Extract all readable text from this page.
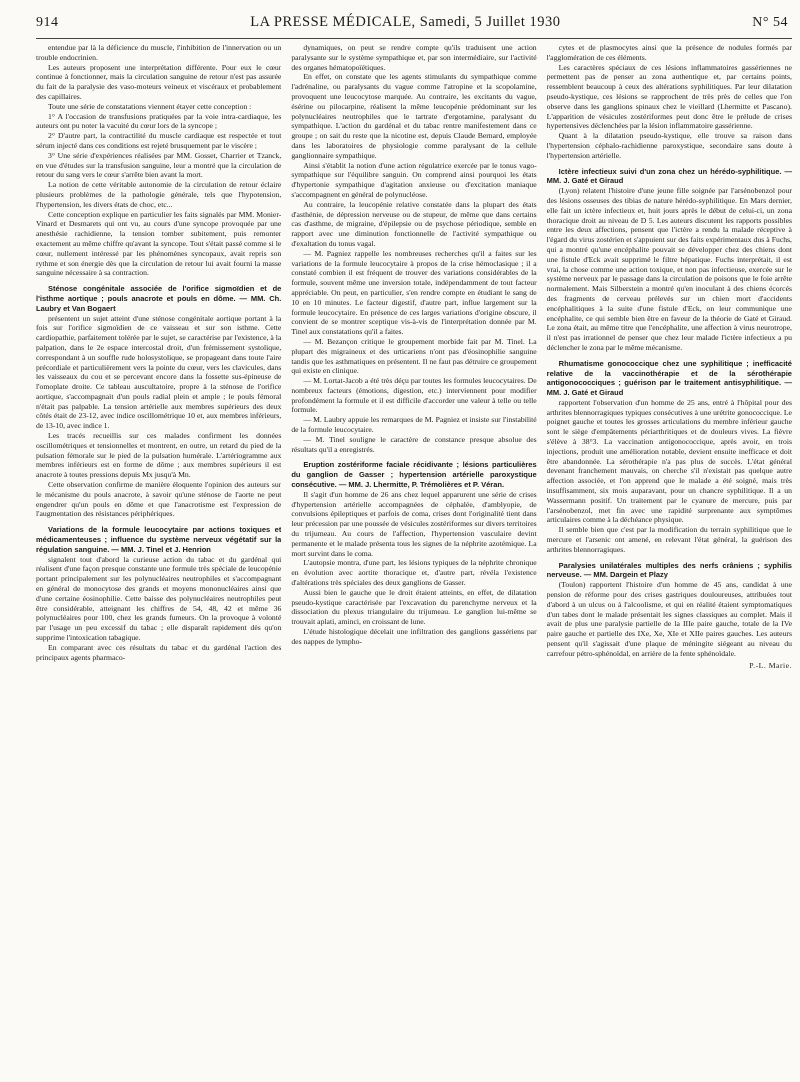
914	LA PRESSE MÉDICALE, Samedi, 5 Juillet 1930	N° 54

entendue par là la déficience du muscle, l'inhibition de l'innervation ou un trouble endocrinien.

Les auteurs proposent une interprétation différente. Pour eux le cœur continue à fonctionner, mais la circulation sanguine de retour n'est pas assurée du fait de la paralysie des vaso-moteurs veineux et viscéraux et probablement des capillaires.

Toute une série de constatations viennent étayer cette conception :

1° A l'occasion de transfusions pratiquées par la voie intra-cardiaque, les auteurs ont pu noter la vacuité du cœur lors de la syncope ;

2° D'autre part, la contractilité du muscle cardiaque est respectée et tout sérum injecté dans ces conditions est rejeté brusquement par le viscère ;

3° Une série d'expériences réalisées par MM. Gosset, Charrier et Tzanck, en vue d'études sur la transfusion sanguine, leur a montré que la circulation de retour du sang vers le cœur s'arrête bien avant la mort.

La notion de cette véritable autonomie de la circulation de retour éclaire plusieurs problèmes de la pathologie générale, tels que l'hypotension, l'hypertension, les divers états de choc, etc...

Cette conception explique en particulier les faits signalés par MM. Monier-Vinard et Desmarets qui ont vu, au cours d'une syncope provoquée par une anesthésie rachidienne, la tension tomber subitement, puis remonter exactement au même chiffre qu'avant la syncope. Tout s'était passé comme si le cœur, nullement intéressé par les phénomènes syncopaux, avait repris son rythme et son énergie dès que la circulation de retour lui avait fourni la masse sanguine nécessaire à sa contraction.

Sténose congénitale associée de l'orifice sigmoïdien et de l'isthme aortique ; pouls anacrote et pouls en dôme. — MM. Ch. Laubry et Van Bogaert

présentent un sujet atteint d'une sténose congénitale aortique portant à la fois sur l'orifice sigmoïdien de ce vaisseau et sur son isthme. Cette cardiopathie, parfaitement tolérée par le sujet, se caractérise par l'existence, à la palpation, dans le 2e espace intercostal droit, d'un frémissement systolique, correspondant à un souffle rude holosystolique, se propageant dans toute l'aire précordiale et particulièrement vers la pointe du cœur, vers les clavicules, dans les vaisseaux du cou et se percevant encore dans la fossette sus-épineuse de l'omoplate droite. Ce tableau auscultatoire, propre à la sténose de l'orifice aortique, s'accompagnait d'un pouls radial plein et ample ; le pouls fémoral n'était pas palpable. La tension artérielle aux membres supérieurs des deux côtés était de 23-12, avec indice oscillométrique 10 et, aux membres inférieurs, de 13-10, avec indice 1.

Les tracés recueillis sur ces malades confirment les données oscillométriques et tensionnelles et montrent, en outre, un retard du pied de la pulsation fémorale sur le pied de la pulsation humérale. L'artériogramme aux membres inférieurs est en forme de dôme ; aux membres supérieurs il est anacrote à toutes pressions depuis Mx jusqu'à Mn.

Cette observation confirme de manière éloquente l'opinion des auteurs sur le mécanisme du pouls anacrote, à savoir qu'une sténose de l'aorte ne peut engendrer qu'un pouls en dôme et que l'anacrotisme est l'expression de l'augmentation des résistances périphériques.

Variations de la formule leucocytaire par actions toxiques et médicamenteuses ; influence du système nerveux végétatif sur la régulation sanguine. — MM. J. Tinel et J. Henrion

signalent tout d'abord la curieuse action du tabac et du gardénal qui réalisent d'une façon presque constante une formule très spéciale de leucopénie portant principalement sur les polynucléaires neutrophiles et s'accompagnant en général de monocytose des grands et moyens mononucléaires ainsi que d'une certaine éosinophilie. Cette baisse des polynucléaires neutrophiles peut être considérable, atteignant les chiffres de 54, 48, 42 et même 36 polynucléaires pour 100, chez les grands fumeurs. On la provoque à volonté par l'usage un peu excessif du tabac ; elle disparaît rapidement dès qu'on supprime l'intoxication tabagique.

En comparant avec ces résultats du tabac et du gardénal l'action des principaux agents pharmaco-

dynamiques, on peut se rendre compte qu'ils traduisent une action paralysante sur le système sympathique et, par son intermédiaire, sur l'activité des organes hématopoïétiques.

En effet, on constate que les agents stimulants du sympathique comme l'adrénaline, ou paralysants du vague comme l'atropine et la scopolamine, provoquent une leucocytose marquée. Au contraire, les excitants du vague, ésérine ou pilocarpine, réalisent la même leucopénie prédominant sur les polynucléaires neutrophiles que le tartrate d'ergotamine, paralysant du sympathique. L'action du gardénal et du tabac rentre manifestement dans ce groupe ; on sait du reste que la nicotine est, depuis Claude Bernard, employée dans les laboratoires de physiologie comme paralysant de la cellule ganglionnaire sympathique.

Ainsi s'établit la notion d'une action régulatrice exercée par le tonus vago-sympathique sur l'équilibre sanguin. On comprend ainsi pourquoi les états d'hypertonie sympathique d'agitation anxieuse ou d'excitation maniaque s'accompagnent en général de polynucléose.

Au contraire, la leucopénie relative constatée dans la plupart des états d'asthénie, de dépression nerveuse ou de stupeur, de même que dans certains cas d'asthme, de migraine, d'épilepsie ou de psychose périodique, semble en rapport avec une diminution fonctionnelle de l'activité sympathique ou d'exaltation du tonus vagal.

— M. Pagniez rappelle les nombreuses recherches qu'il a faites sur les variations de la formule leucocytaire à propos de la crise hémoclasique ; il a constaté combien il est fréquent de trouver des variations considérables de la formule, souvent même une inversion totale, indépendamment de tout facteur appréciable. On peut, en particulier, s'en rendre compte en étudiant le sang de 10 en 10 minutes. Le facteur digestif, d'autre part, influe largement sur la formule leucocytaire. En présence de ces larges variations d'origine obscure, il convient de se montrer sceptique vis-à-vis de l'interprétation donnée par M. Tinel aux constatations qu'il a faites.

— M. Bezançon critique le groupement morbide fait par M. Tinel. La plupart des migraineux et des urticariens n'ont pas d'éosinophilie sanguine tandis que les asthmatiques en présentent. Il ne faut pas détruire ce groupement qui existe en clinique.

— M. Lortat-Jacob a été très déçu par toutes les formules leucocytaires. De nombreux facteurs (émotions, digestion, etc.) interviennent pour modifier profondément la formule et il est difficile d'accorder une valeur à telle ou telle formule.

— M. Laubry appuie les remarques de M. Pagniez et insiste sur l'instabilité de la formule leucocytaire.

— M. Tinel souligne le caractère de constance presque absolue des résultats qu'il a enregistrés.

Eruption zostériforme faciale récidivante ; lésions particulières du ganglion de Gasser ; hypertension artérielle paroxystique consécutive. — MM. J. Lhermitte, P. Trémolières et P. Véran.

Il s'agit d'un homme de 26 ans chez lequel apparurent une série de crises d'hypertension artérielle accompagnées de céphalée, d'amblyopie, de convulsions épileptiques et parfois de coma, crises dont l'originalité tient dans leur précession par une poussée de vésicules zostériformes sur divers territoires du trijumeau. Au cours de l'affection, l'hypertension vasculaire devint permanente et le malade présenta tous les signes de la néphrite azotémique. La mort survint dans le coma.

L'autopsie montra, d'une part, les lésions typiques de la néphrite chronique en évolution avec aortite thoracique et, d'autre part, révéla l'existence d'altérations très spéciales des deux ganglions de Gasser.

Aussi bien le gauche que le droit étaient atteints, en effet, de dilatation pseudo-kystique caractérisée par l'excavation du parenchyme nerveux et la dissociation du plexus triangulaire du trijumeau. Le ganglion lui-même se trouvait aplati, aminci, en croissant de lune.

L'étude histologique décelait une infiltration des ganglions gassériens par des nappes de lympho-

cytes et de plasmocytes ainsi que la présence de nodules formés par l'agglomération de ces éléments.

Les caractères spéciaux de ces lésions inflammatoires gassériennes ne permettent pas de penser au zona authentique et, par certains points, ressemblent beaucoup à ceux des altérations syphilitiques. Par leur dilatation pseudo-kystique, ces lésions se rapprochent de très près de celles que l'on observe dans les ganglions spinaux chez le vieillard (Lhermitte et Pascano). L'apparition de vésicules zostériformes peut donc être le prélude de crises hypertensives déclenchées par la lésion inflammatoire gassérienne.

Quant à la dilatation pseudo-kystique, elle trouve sa raison dans l'hypertension céphalo-rachidienne paroxystique, secondaire sans doute à l'hypertension artérielle.

Ictère infectieux suivi d'un zona chez un hérédo-syphilitique. — MM. J. Gaté et Giraud

(Lyon) relatent l'histoire d'une jeune fille soignée par l'arsénobenzol pour des lésions osseuses des tibias de nature hérédo-syphilitique. En Mars dernier, elle fait un ictère infectieux et, huit jours après le début de celui-ci, un zona thoracique droit au niveau de D 5. Les auteurs discutent les rapports possibles entre les deux affections, pensent que l'ictère a rendu la malade réceptive à l'égard du virus zostérien et s'appuient sur des faits expérimentaux dus à Fuchs, qui a montré qu'une encéphalite pouvait se développer chez des chiens dont une fistule d'Eck avait supprimé le filtre hépatique. Fuchs interprétait, il est vrai, la chose comme une action toxique, et non pas infectieuse, exercée sur le système nerveux par le passage dans la circulation de poisons que le foie arrête normalement. Mais Silberstein a montré qu'en inoculant à des chiens écorcés des fragments de cerveau prélevés sur un chien mort d'accidents encéphalitiques à la suite d'une fistule d'Eck, on leur communique une encéphalite, ce qui semble bien être en faveur de la théorie de Gaté et Giraud. Le zona était, au même titre que l'encéphalite, une affection à virus neurotrope, il n'est pas irrationnel de penser que chez leur malade l'ictère infectieux a pu déclencher le zona par le même mécanisme.

Rhumatisme gonococcique chez une syphilitique ; inefficacité relative de la vaccinothérapie et de la sérothérapie antigonococciques ; guérison par le traitement antisyphilitique. — MM. J. Gaté et Giraud

rapportent l'observation d'un homme de 25 ans, entré à l'hôpital pour des arthrites blennorragiques typiques consécutives à une urétrite gonococcique. Le poignet gauche et toutes les grosses articulations du membre inférieur gauche sont le siège d'empâtements périarthritiques et de douleurs vives. La fièvre s'élève à 38°3. La vaccination antigonococcique, après avoir, en trois injections, produit une amélioration notable, devient ensuite inefficace et doit être abandonnée. La sérothérapie n'a pas plus de succès. L'état général devenant franchement mauvais, on cherche s'il n'existait pas quelque autre affection associée, et l'on apprend que le malade a été soigné, mais très insuffisamment, six mois auparavant, pour un chancre syphilitique. Il a un Wassermann positif. Un traitement par le cyanure de mercure, puis par l'arsénobenzol, met fin avec une rapidité surprenante aux symptômes articulaires comme à la déchéance physique.

Il semble bien que c'est par la modification du terrain syphilitique que le mercure et l'arsenic ont amené, en relevant l'état général, la guérison des arthrites blennorragiques.

Paralysies unilatérales multiples des nerfs crâniens ; syphilis nerveuse. — MM. Dargein et Plazy

(Toulon) rapportent l'histoire d'un homme de 45 ans, candidat à une pension de réforme pour des crises gastriques douloureuses, attribuées tout d'abord à un ulcus ou à l'alcoolisme, et qui en réalité étaient symptomatiques d'un tabes dont le malade présentait les signes classiques au complet. Mais il avait de plus une paralysie partielle de la IIIe paire gauche, totale de la IVe paire gauche et partielle des IXe, Xe, XIe et XIIe paires gauches. Les auteurs pensent qu'il s'agissait d'une plaque de méningite siégeant au niveau du carrefour pétro-sphénoïdal, en arrière de la fente sphénoïdale.

P.-L. Marie.
